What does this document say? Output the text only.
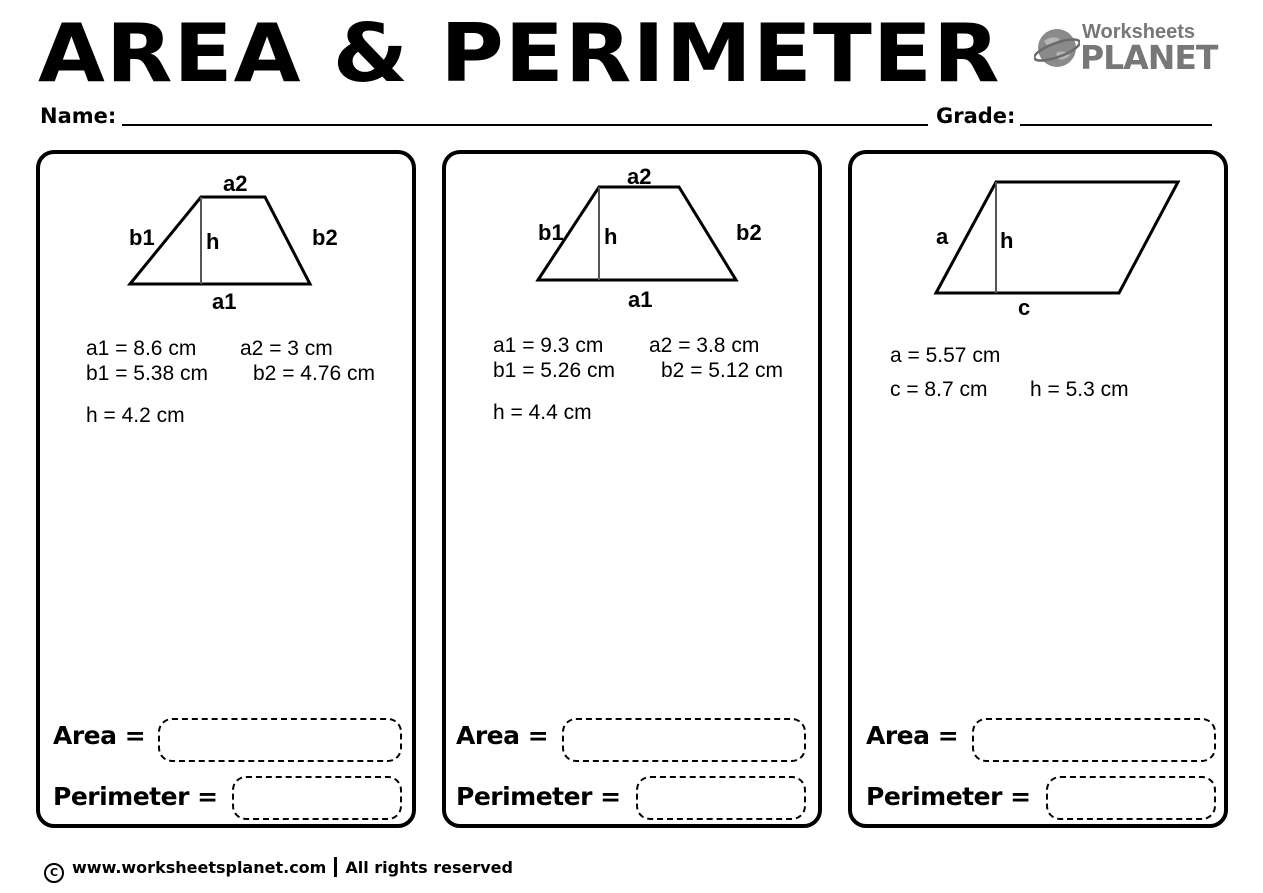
AREA & PERIMETER	Worksheets
PLANET
Name:	Grade:
a2
b1 h	b2
a1
a1 = 8.6 cm a2 = 3 cm
b1 = 5.38 cm b2 = 4.76 cm
h = 4.2 cm
Area =
Perimeter =
a2
b1 h	b2
a1
a1 = 9.3 cm a2 = 3.8 cm
b1 = 5.26 cm b2 = 5.12 cm
h = 4.4 cm
Area =
Perimeter =
a h
c
a = 5.57 cm
c = 8.7 cm h = 5.3 cm
Area =
Perimeter =
C www.worksheetsplanet.com All rights reserved
